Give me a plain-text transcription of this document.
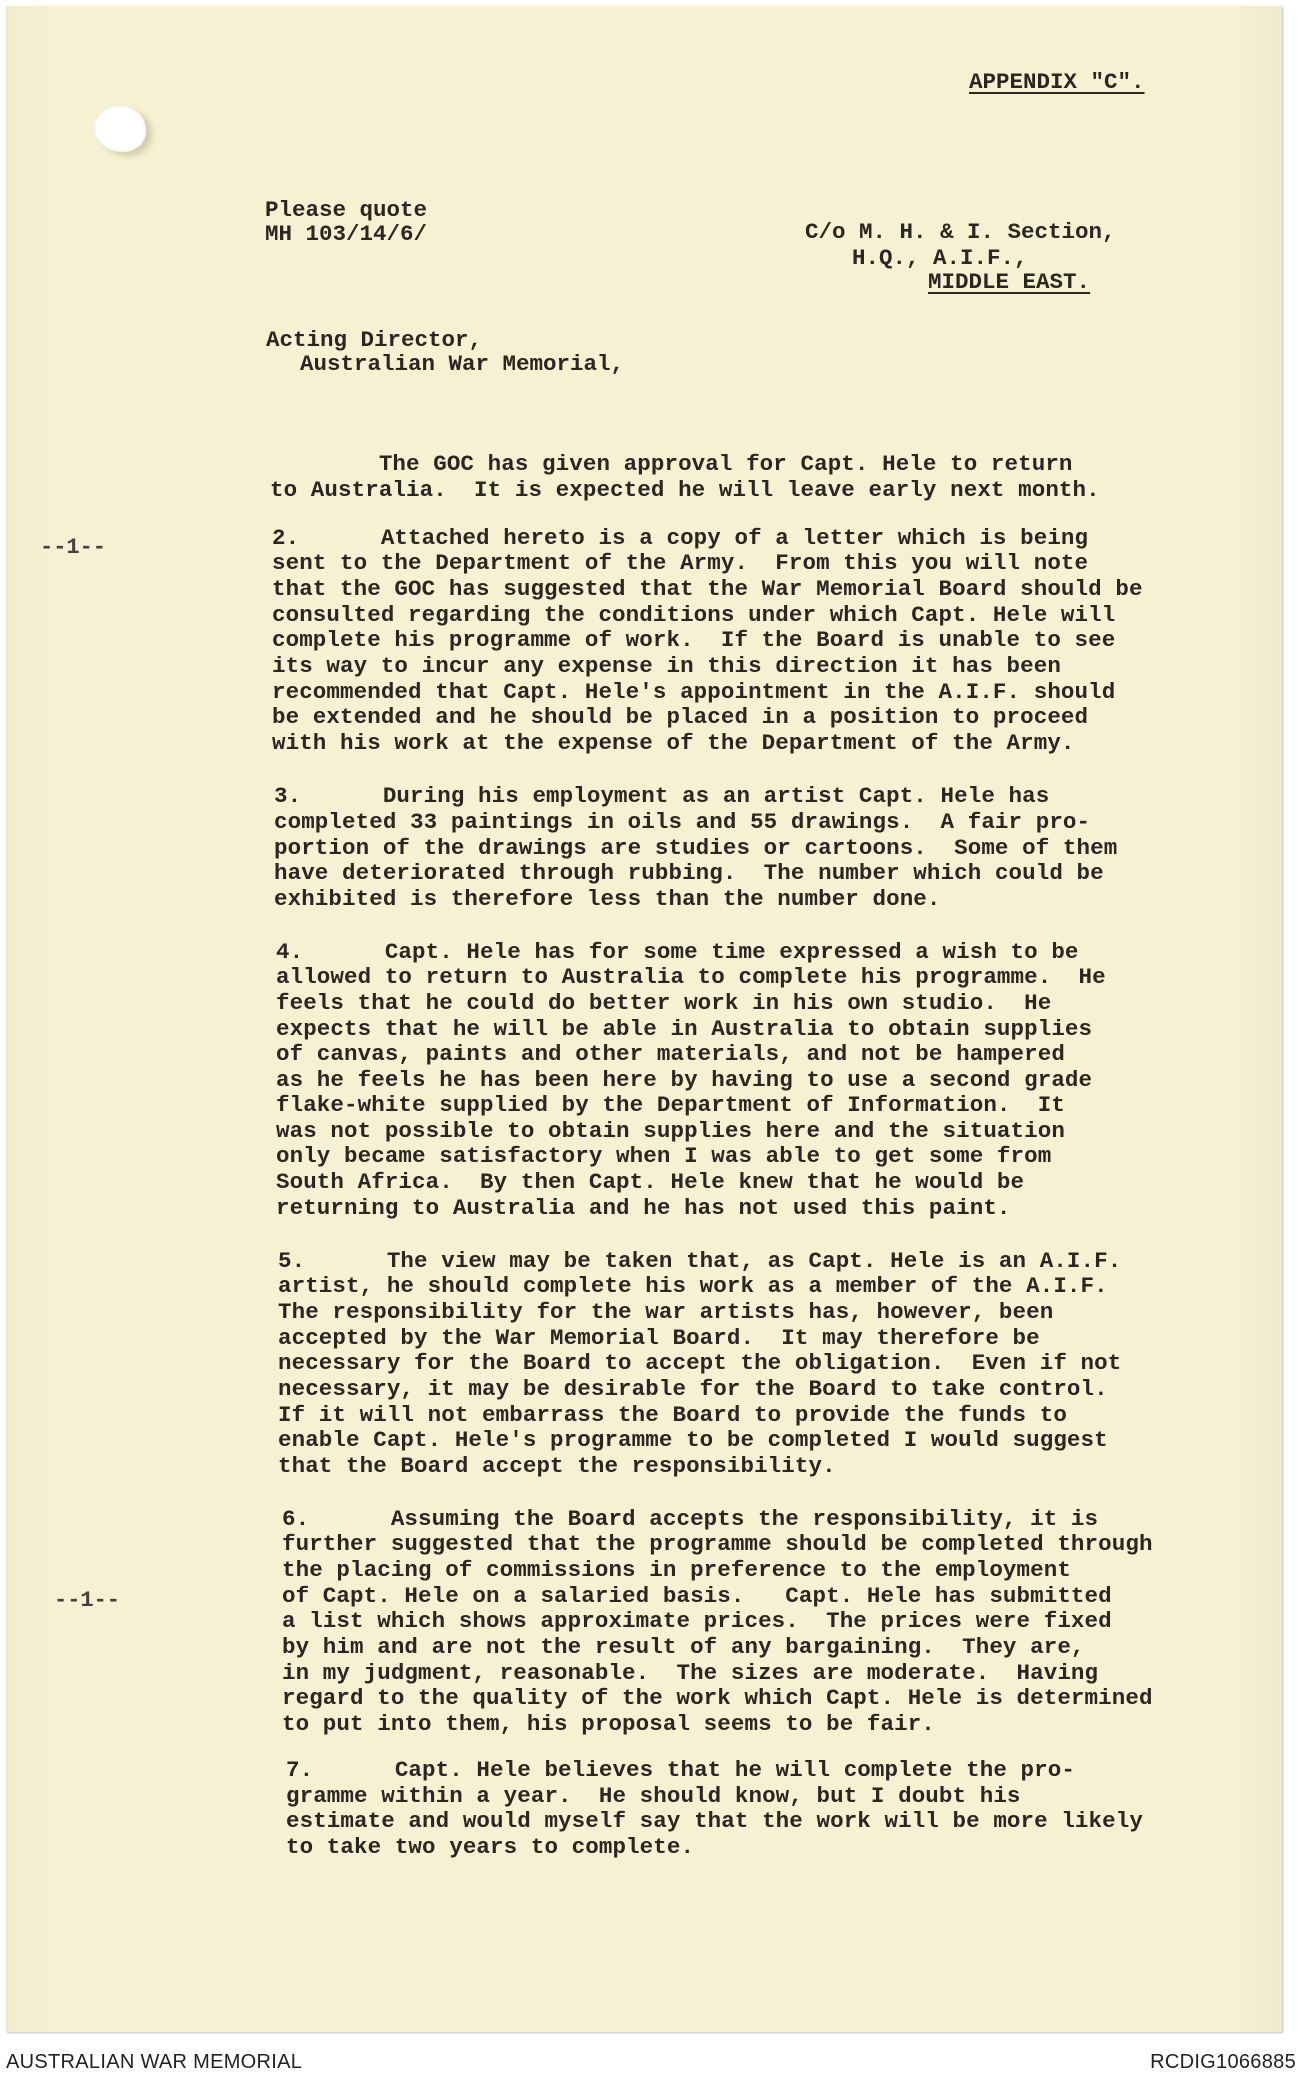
APPENDIX "C".

Please quote

MH 103/14/6/	C/o M. H. & I. Section,

H.Q., A.I.F.,

MIDDLE EAST.

Acting Director,

Australian War Memorial,

--1--

--1--

The GOC has given approval for Capt. Hele to return

to Australia.  It is expected he will leave early next month.

2.      Attached hereto is a copy of a letter which is being

sent to the Department of the Army.  From this you will note

that the GOC has suggested that the War Memorial Board should be

consulted regarding the conditions under which Capt. Hele will

complete his programme of work.  If the Board is unable to see

its way to incur any expense in this direction it has been

recommended that Capt. Hele's appointment in the A.I.F. should

be extended and he should be placed in a position to proceed

with his work at the expense of the Department of the Army.

3.      During his employment as an artist Capt. Hele has

completed 33 paintings in oils and 55 drawings.  A fair pro-

portion of the drawings are studies or cartoons.  Some of them

have deteriorated through rubbing.  The number which could be

exhibited is therefore less than the number done.

4.      Capt. Hele has for some time expressed a wish to be

allowed to return to Australia to complete his programme.  He

feels that he could do better work in his own studio.  He

expects that he will be able in Australia to obtain supplies

of canvas, paints and other materials, and not be hampered

as he feels he has been here by having to use a second grade

flake-white supplied by the Department of Information.  It

was not possible to obtain supplies here and the situation

only became satisfactory when I was able to get some from

South Africa.  By then Capt. Hele knew that he would be

returning to Australia and he has not used this paint.

5.      The view may be taken that, as Capt. Hele is an A.I.F.

artist, he should complete his work as a member of the A.I.F.

The responsibility for the war artists has, however, been

accepted by the War Memorial Board.  It may therefore be

necessary for the Board to accept the obligation.  Even if not

necessary, it may be desirable for the Board to take control.

If it will not embarrass the Board to provide the funds to

enable Capt. Hele's programme to be completed I would suggest

that the Board accept the responsibility.

6.      Assuming the Board accepts the responsibility, it is

further suggested that the programme should be completed through

the placing of commissions in preference to the employment

of Capt. Hele on a salaried basis.   Capt. Hele has submitted

a list which shows approximate prices.  The prices were fixed

by him and are not the result of any bargaining.  They are,

in my judgment, reasonable.  The sizes are moderate.  Having

regard to the quality of the work which Capt. Hele is determined

to put into them, his proposal seems to be fair.

7.      Capt. Hele believes that he will complete the pro-

gramme within a year.  He should know, but I doubt his

estimate and would myself say that the work will be more likely

to take two years to complete.

AUSTRALIAN WAR MEMORIAL	RCDIG1066885
